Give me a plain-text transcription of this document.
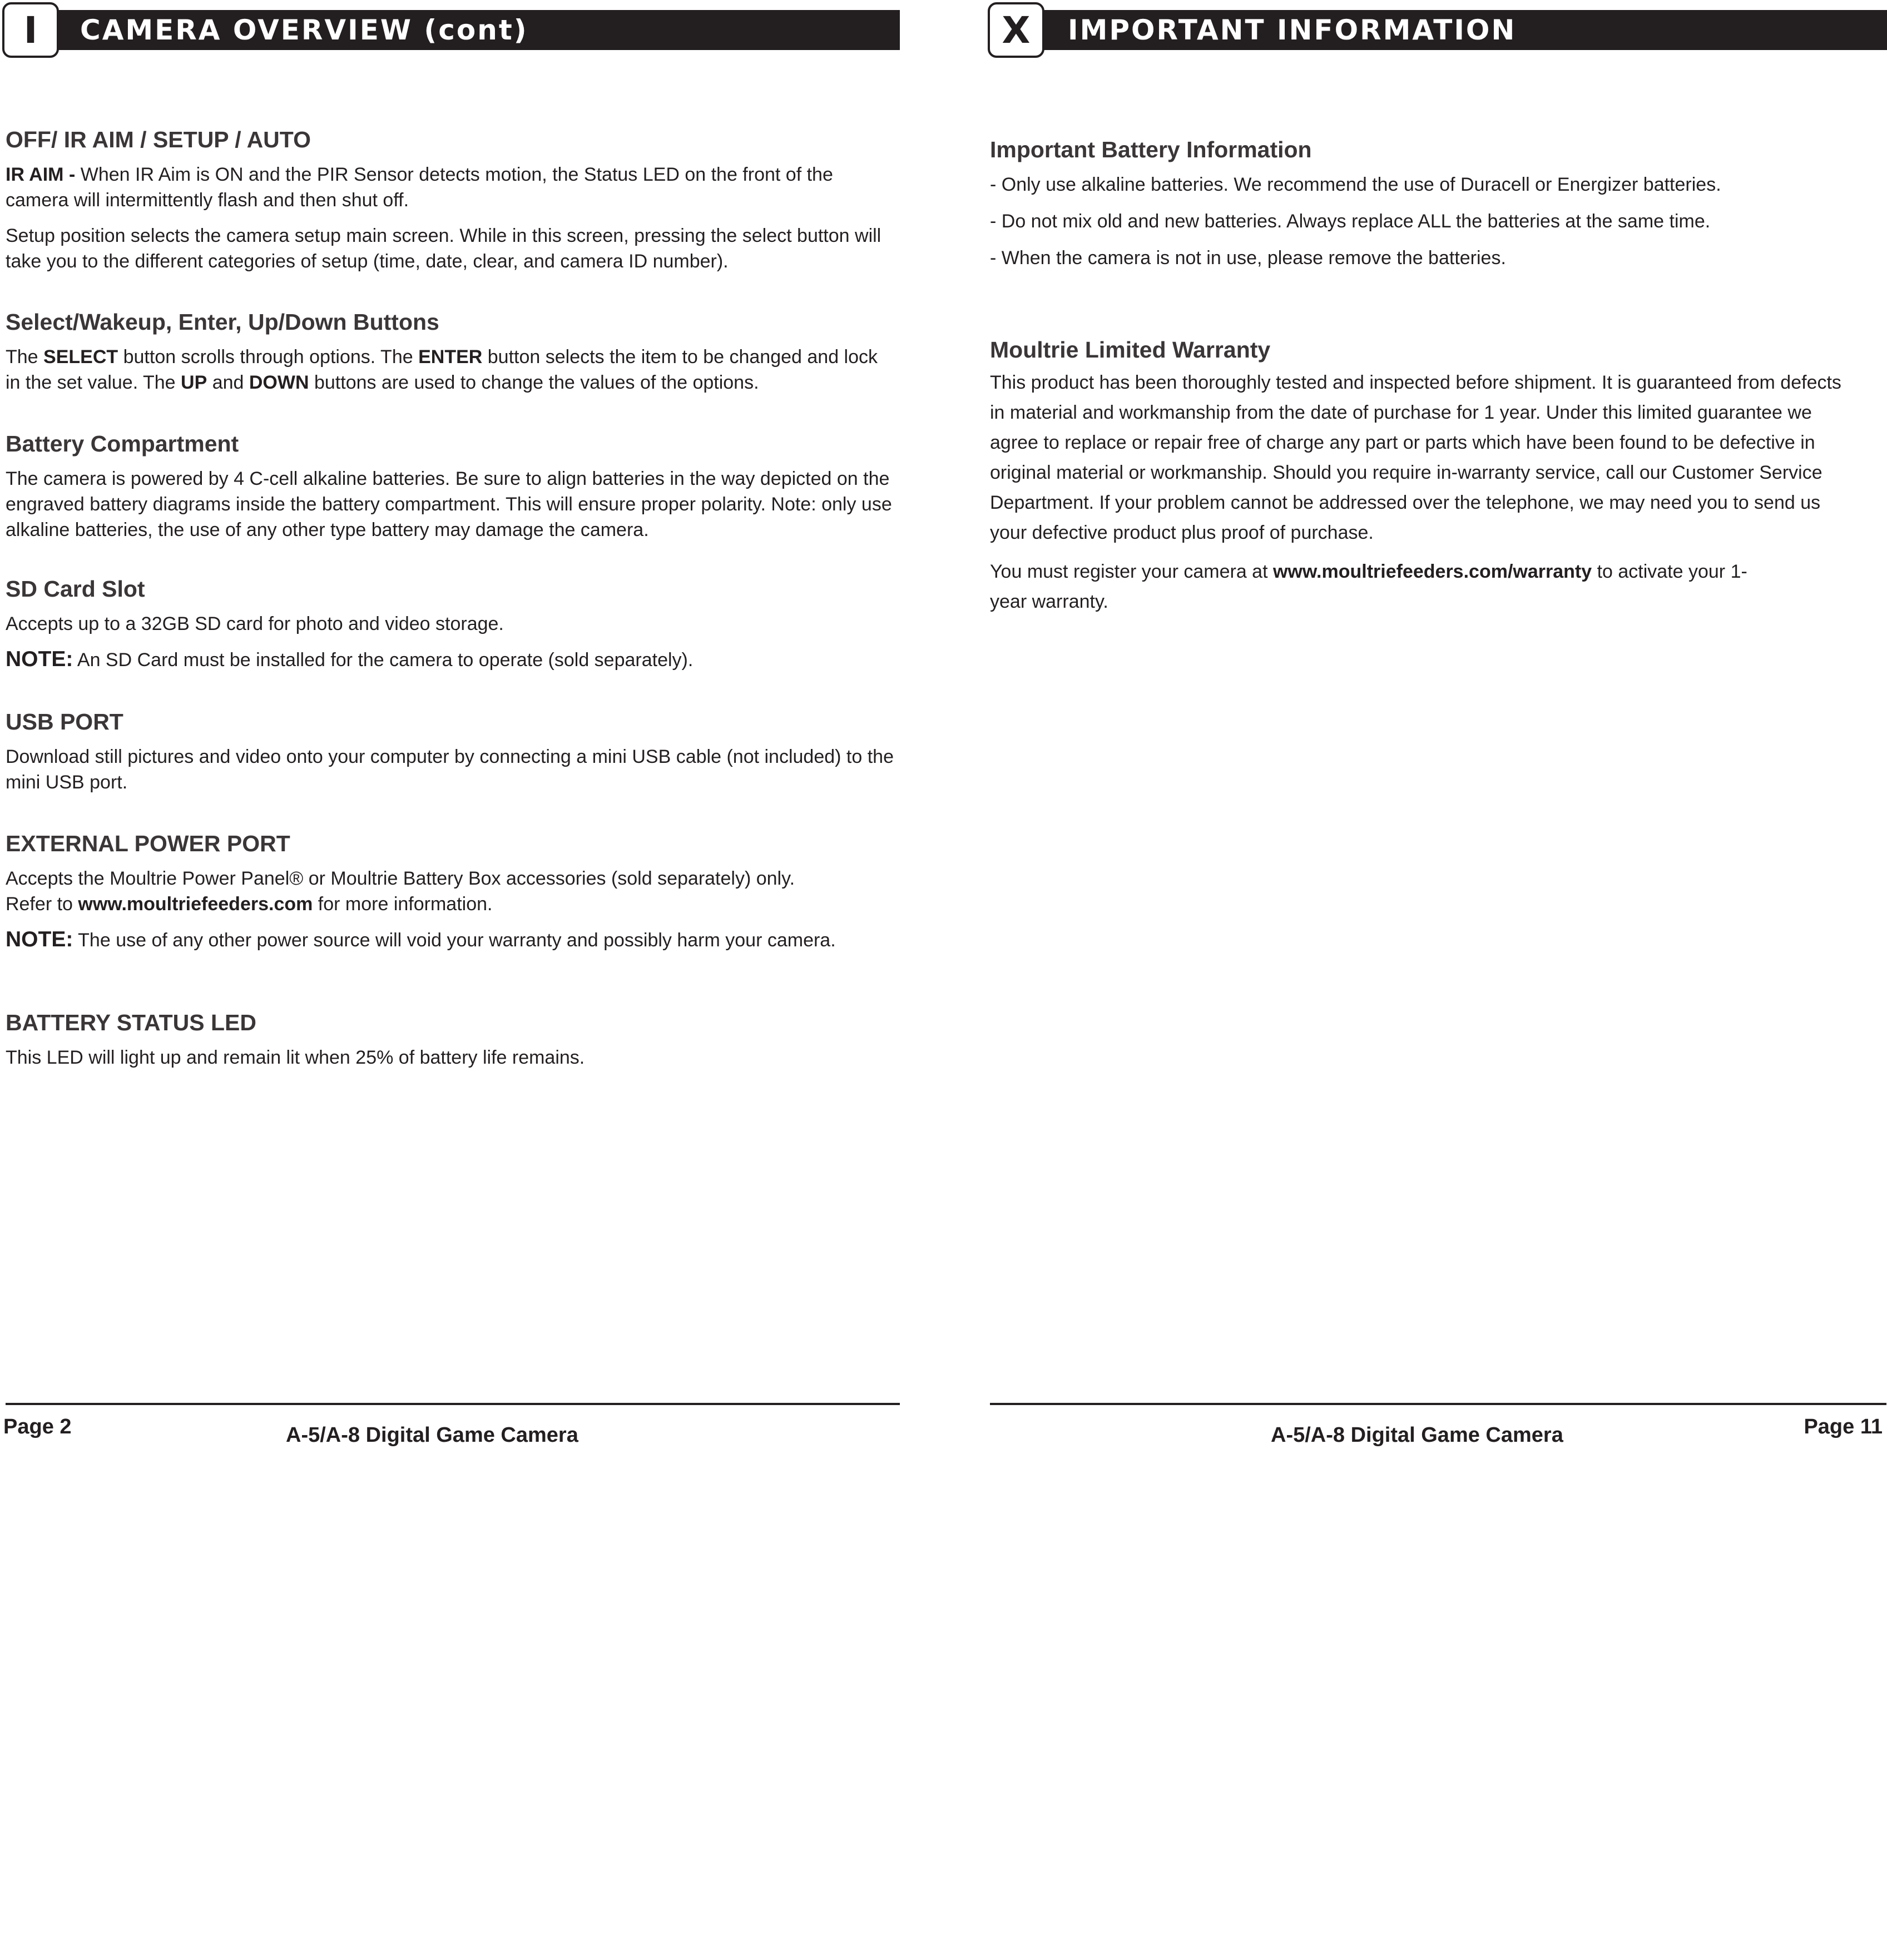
I	CAMERA OVERVIEW (cont)	X	IMPORTANT INFORMATION
OFF/ IR AIM / SETUP / AUTO
IR AIM - When IR Aim is ON and the PIR Sensor detects motion, the Status LED on the front of the camera will intermittently flash and then shut off.
Setup position selects the camera setup main screen. While in this screen, pressing the select button will take you to the different categories of setup (time, date, clear, and camera ID number).
Select/Wakeup, Enter, Up/Down Buttons
The SELECT button scrolls through options. The ENTER button selects the item to be changed and lock in the set value. The UP and DOWN buttons are used to change the values of the options.
Battery Compartment
The camera is powered by 4 C-cell alkaline batteries. Be sure to align batteries in the way depicted on the engraved battery diagrams inside the battery compartment. This will ensure proper polarity. Note: only use alkaline batteries, the use of any other type battery may damage the camera.
SD Card Slot
Accepts up to a 32GB SD card for photo and video storage.
NOTE: An SD Card must be installed for the camera to operate (sold separately).
USB PORT
Download still pictures and video onto your computer by connecting a mini USB cable (not included) to the mini USB port.
EXTERNAL POWER PORT
Accepts the Moultrie Power Panel® or Moultrie Battery Box accessories (sold separately) only.
Refer to www.moultriefeeders.com for more information.
NOTE: The use of any other power source will void your warranty and possibly harm your camera.
BATTERY STATUS LED
This LED will light up and remain lit when 25% of battery life remains.
Important Battery Information
- Only use alkaline batteries. We recommend the use of Duracell or Energizer batteries.
- Do not mix old and new batteries. Always replace ALL the batteries at the same time.
- When the camera is not in use, please remove the batteries.
Moultrie Limited Warranty
This product has been thoroughly tested and inspected before shipment. It is guaranteed from defects in material and workmanship from the date of purchase for 1 year. Under this limited guarantee we agree to replace or repair free of charge any part or parts which have been found to be defective in original material or workmanship. Should you require in-warranty service, call our Customer Service Department. If your problem cannot be addressed over the telephone, we may need you to send us your defective product plus proof of purchase.
You must register your camera at www.moultriefeeders.com/warranty to activate your 1-year warranty.
Page 2	A-5/A-8 Digital Game Camera	A-5/A-8 Digital Game Camera	Page 11
